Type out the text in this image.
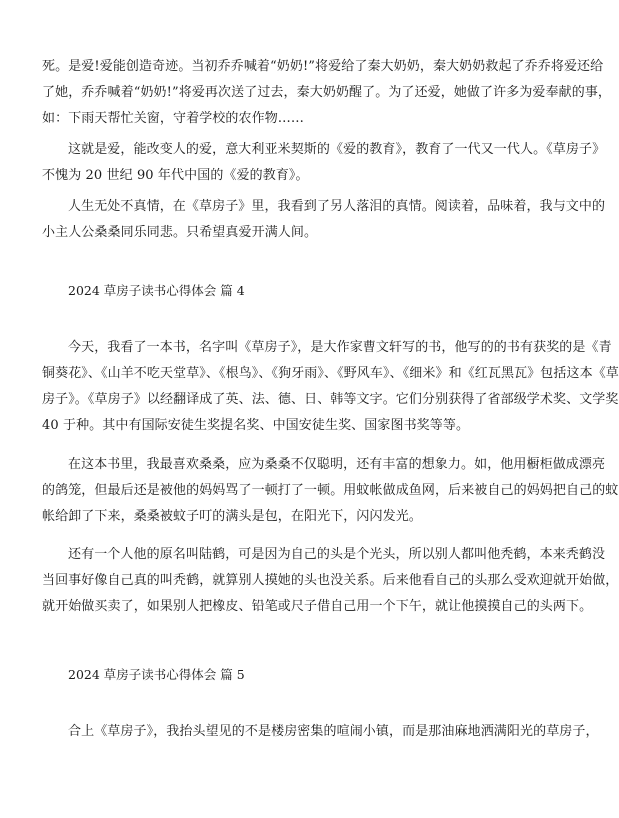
死。是爱!爱能创造奇迹。当初乔乔喊着“奶奶!”将爱给了秦大奶奶，秦大奶奶救起了乔乔将爱还给
了她，乔乔喊着“奶奶!”将爱再次送了过去，秦大奶奶醒了。为了还爱，她做了许多为爱奉献的事，
如：下雨天帮忙关窗，守着学校的农作物……
这就是爱，能改变人的爱，意大利亚米契斯的《爱的教育》，教育了一代又一代人。《草房子》
不愧为 20 世纪 90 年代中国的《爱的教育》。
人生无处不真情，在《草房子》里，我看到了另人落泪的真情。阅读着，品味着，我与文中的
小主人公桑桑同乐同悲。只希望真爱开满人间。
2024 草房子读书心得体会 篇 4
今天，我看了一本书，名字叫《草房子》，是大作家曹文轩写的书，他写的的书有获奖的是《青
铜葵花》、《山羊不吃天堂草》、《根鸟》、《狗牙雨》、《野风车》、《细米》和《红瓦黑瓦》包括这本《草
房子》。《草房子》以经翻译成了英、法、德、日、韩等文字。它们分别获得了省部级学术奖、文学奖
40 于种。其中有国际安徒生奖提名奖、中国安徒生奖、国家图书奖等等。
在这本书里，我最喜欢桑桑，应为桑桑不仅聪明，还有丰富的想象力。如，他用橱柜做成漂亮
的鸽笼，但最后还是被他的妈妈骂了一顿打了一顿。用蚊帐做成鱼网，后来被自己的妈妈把自己的蚊
帐给卸了下来，桑桑被蚊子叮的满头是包，在阳光下，闪闪发光。
还有一个人他的原名叫陆鹤，可是因为自己的头是个光头，所以别人都叫他秃鹤，本来秃鹤没
当回事好像自己真的叫秃鹤，就算别人摸她的头也没关系。后来他看自己的头那么受欢迎就开始做，
就开始做买卖了，如果别人把橡皮、铅笔或尺子借自己用一个下午，就让他摸摸自己的头两下。
2024 草房子读书心得体会 篇 5
合上《草房子》，我抬头望见的不是楼房密集的喧闹小镇，而是那油麻地洒满阳光的草房子，
